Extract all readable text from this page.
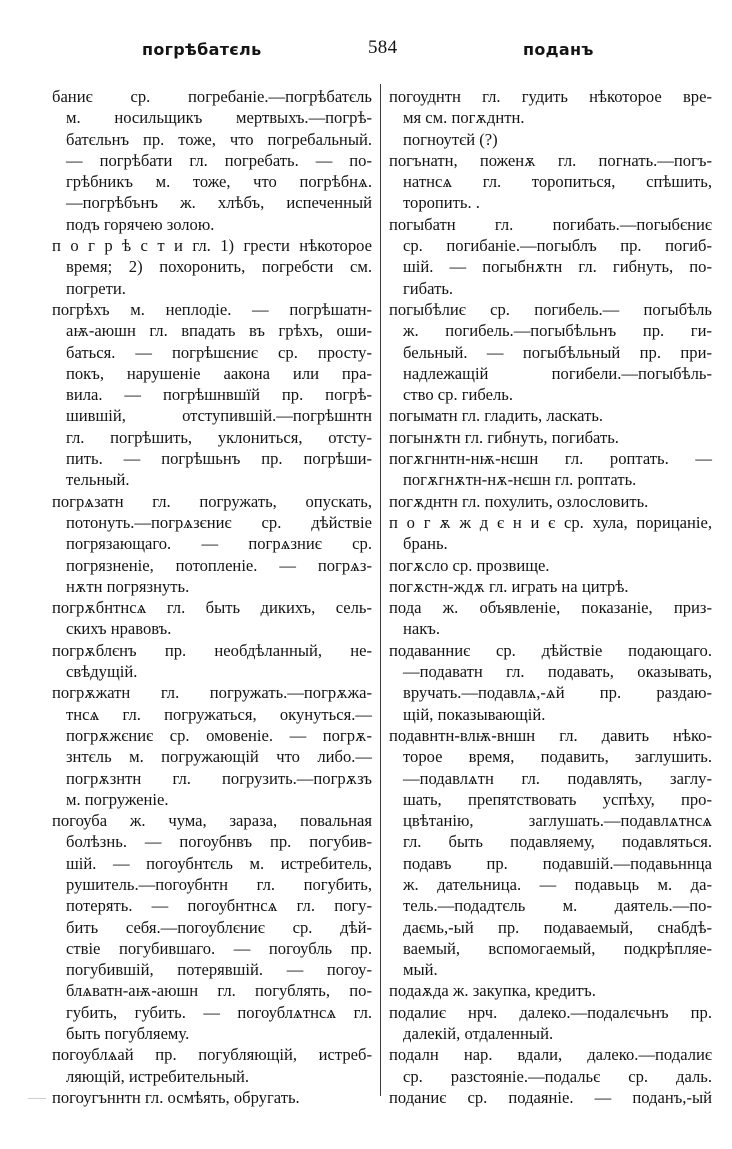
погрѣбатєль	584	поданъ
баниє ср. погребаніе.—погрѣбатєль
м. носильщикъ мертвыхъ.—погрѣ-
батєльнъ пр. тоже, что погребальный.
— погрѣбати гл. погребать. — по-
грѣбникъ м. тоже, что погрѣбнѧ.
—погрѣбънъ ж. хлѣбъ, испеченный
подъ горячею золою.
п о г р ѣ с т и гл. 1) грести нѣкоторое
время; 2) похоронить, погребсти см.
погрети.
погрѣхъ м. неплодіе. — погрѣшатн-
аѭ-аюшн гл. впадать въ грѣхъ, оши-
баться. — погрѣшєниє ср. просту-
покъ, нарушеніе аакона или пра-
вила. — погрѣшнвшїй пр. погрѣ-
шившій, отступившій.—погрѣшнтн
гл. погрѣшить, уклониться, отсту-
пить. — погрѣшьнъ пр. погрѣши-
тельный.
погрѧзатн гл. погружать, опускать,
потонуть.—погрѧзєниє ср. дѣйствіе
погрязающаго. — погрѧзниє ср.
погрязненіе, потопленіе. — погрѧз-
нѫтн погрязнуть.
погрѫбнтнсѧ гл. быть дикихъ, сель-
скихъ нравовъ.
погрѫблєнъ пр. необдѣланный, не-
свѣдущій.
погрѫжатн гл. погружать.—погрѫжа-
тнсѧ гл. погружаться, окунуться.—
погрѫжєниє ср. омовеніе. — погрѫ-
знтєль м. погружающій что либо.—
погрѫзнтн гл. погрузить.—погрѫзъ
м. погруженіе.
погоуба ж. чума, зараза, повальная
болѣзнь. — погоубнвъ пр. погубив-
шій. — погоубнтєль м. истребитель,
рушитель.—погоубнтн гл. погубить,
потерять. — погоубнтнсѧ гл. погу-
бить себя.—погоублєниє ср. дѣй-
ствіе погубившаго. — погоубль пр.
погубившій, потерявшій. — погоу-
блѧватн-аѭ-аюшн гл. погублять, по-
губить, губить. — погоублѧтнсѧ гл.
быть погубляему.
погоублѧай пр. погубляющій, истреб-
ляющій, истребительный.
погоугъннтн гл. осмѣять, обругать.
погоуднтн гл. гудить нѣкоторое вре-
мя см. погѫднтн.
погноутєй (?)
погънатн, поженѫ гл. погнать.—погъ-
натнсѧ гл. торопиться, спѣшить,
торопить. .
погыбатн гл. погибать.—погыбєниє
ср. погибаніе.—погыблъ пр. погиб-
шій. — погыбнѫтн гл. гибнуть, по-
гибать.
погыбѣлиє ср. погибель.— погыбѣль
ж. погибель.—погыбѣльнъ пр. ги-
бельный. — погыбѣльный пр. при-
надлежащій погибели.—погыбѣль-
ство ср. гибель.
погыматн гл. гладить, ласкать.
погынѫтн гл. гибнуть, погибать.
погѫгннтн-нѭ-нєшн гл. роптать. —
погѫгнѫтн-нѫ-нєшн гл. роптать.
погѫднтн гл. похулить, озлословить.
п о г ѫ ж д є н и є ср. хула, порицаніе,
брань.
погѫсло ср. прозвище.
погѫстн-ждѫ гл. играть на цитрѣ.
пода ж. объявленіе, показаніе, приз-
накъ.
подаванниє ср. дѣйствіе подающаго.
—подаватн гл. подавать, оказывать,
вручать.—подавлѧ,-ѧй пр. раздаю-
щій, показывающій.
подавнтн-влѭ-вншн гл. давить нѣко-
торое время, подавить, заглушить.
—подавлѧтн гл. подавлять, заглу-
шать, препятствовать успѣху, про-
цвѣтанію, заглушать.—подавлѧтнсѧ
гл. быть подавляему, подавляться.
подавъ пр. подавшій.—подавьннца
ж. дательница. — подавьць м. да-
тель.—подадтєль м. даятель.—по-
даємь,-ый пр. подаваемый, снабдѣ-
ваемый, вспомогаемый, подкрѣпляе-
мый.
подаѫда ж. закупка, кредитъ.
подалиє нрч. далеко.—подалєчьнъ пр.
далекій, отдаленный.
подалн нар. вдали, далеко.—подалиє
ср. разстояніе.—подальє ср. даль.
поданиє ср. подаяніе. — поданъ,-ый
